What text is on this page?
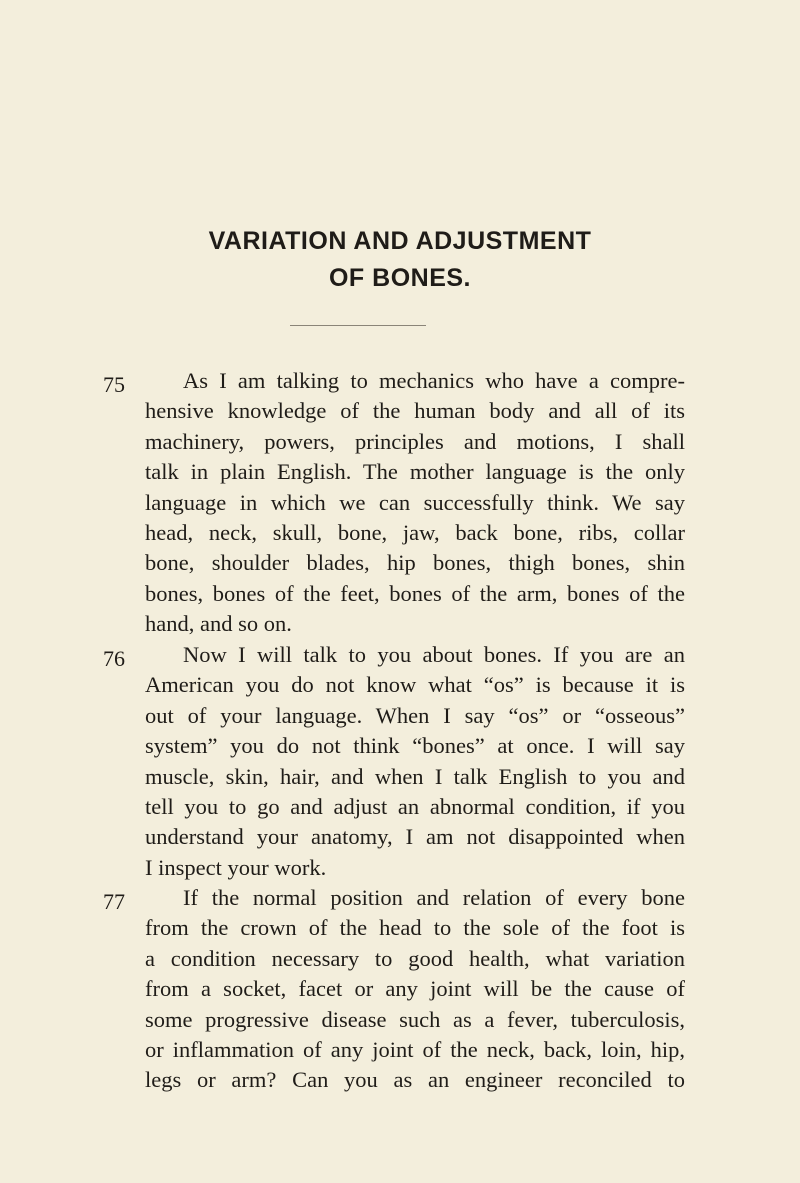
VARIATION AND ADJUSTMENT
OF BONES.
75	As I am talking to mechanics who have a compre-
hensive knowledge of the human body and all of its
machinery, powers, principles and motions, I shall
talk in plain English. The mother language is the only
language in which we can successfully think. We say
head, neck, skull, bone, jaw, back bone, ribs, collar
bone, shoulder blades, hip bones, thigh bones, shin
bones, bones of the feet, bones of the arm, bones of the
hand, and so on.
76	Now I will talk to you about bones. If you are an
American you do not know what “os” is because it is
out of your language. When I say “os” or “osseous”
system” you do not think “bones” at once. I will say
muscle, skin, hair, and when I talk English to you and
tell you to go and adjust an abnormal condition, if you
understand your anatomy, I am not disappointed when
I inspect your work.
77	If the normal position and relation of every bone
from the crown of the head to the sole of the foot is
a condition necessary to good health, what variation
from a socket, facet or any joint will be the cause of
some progressive disease such as a fever, tuberculosis,
or inflammation of any joint of the neck, back, loin, hip,
legs or arm? Can you as an engineer reconciled to
